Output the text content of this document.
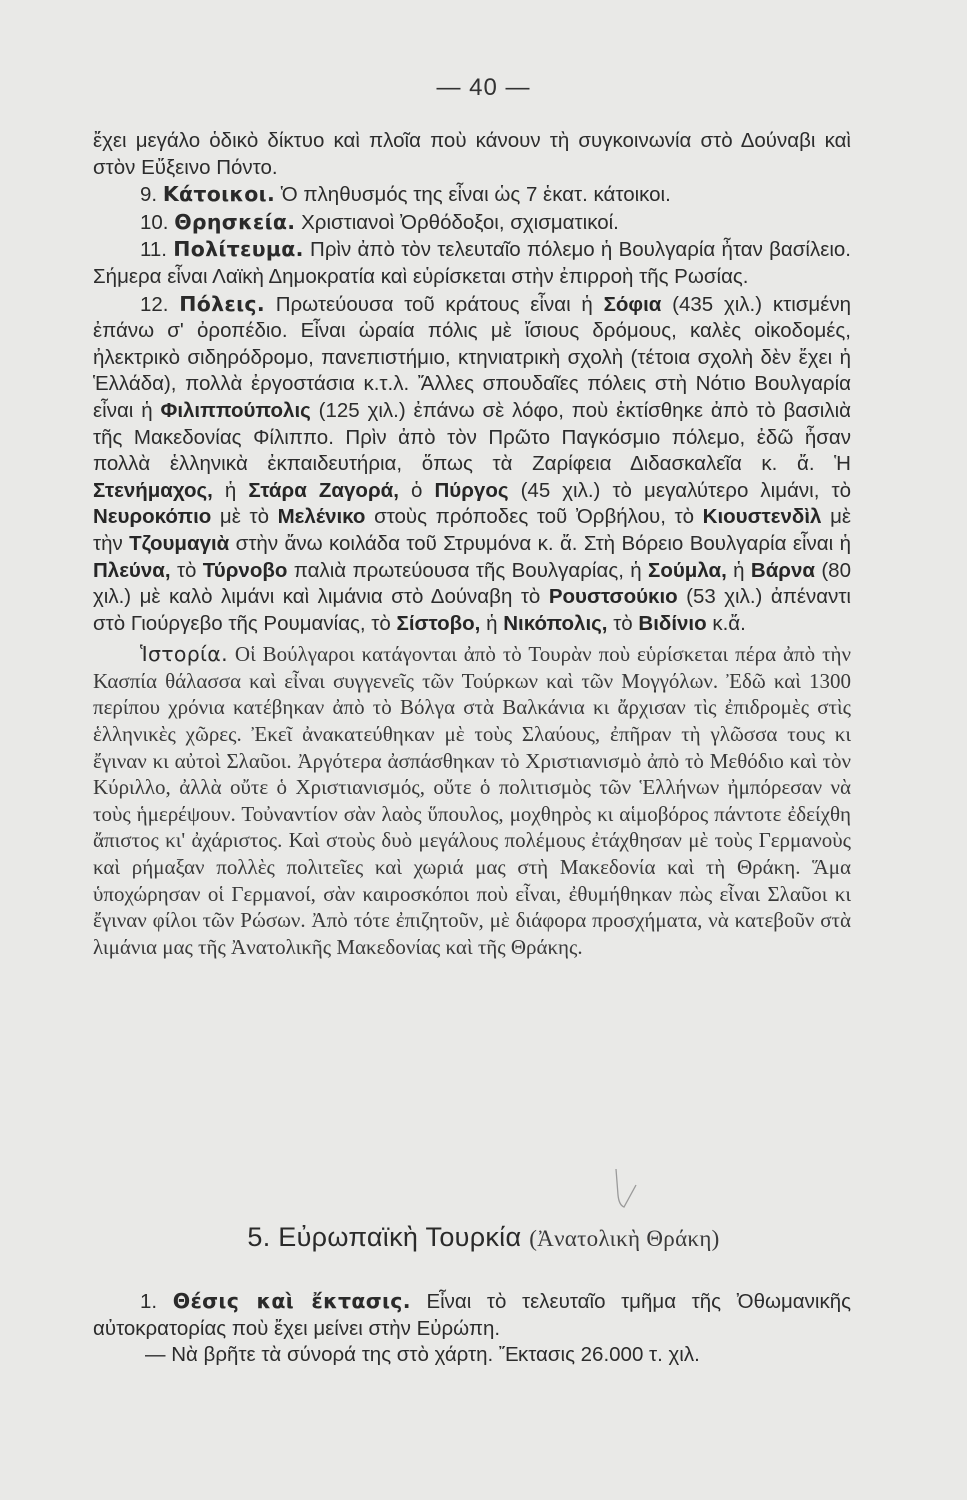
— 40 —

ἔχει μεγάλο ὁδικὸ δίκτυο καὶ πλοῖα ποὺ κάνουν τὴ συγκοινωνία στὸ Δούναβι καὶ στὸν Εὔξεινο Πόντο.

9. Κάτοικοι. Ὁ πληθυσμός της εἶναι ὡς 7 ἑκατ. κάτοικοι.

10. Θρησκεία. Χριστιανοὶ Ὀρθόδοξοι, σχισματικοί.

11. Πολίτευμα. Πρὶν ἀπὸ τὸν τελευταῖο πόλεμο ἡ Βουλγαρία ἦταν βασίλειο. Σήμερα εἶναι Λαϊκὴ Δημοκρατία καὶ εὑρίσκεται στὴν ἐπιρροὴ τῆς Ρωσίας.

12. Πόλεις. Πρωτεύουσα τοῦ κράτους εἶναι ἡ Σόφια (435 χιλ.) κτισμένη ἐπάνω σ' ὀροπέδιο. Εἶναι ὡραία πόλις μὲ ἴσιους δρόμους, καλὲς οἰκοδομές, ἠλεκτρικὸ σιδηρόδρομο, πανεπιστήμιο, κτηνιατρικὴ σχολὴ (τέτοια σχολὴ δὲν ἔχει ἡ Ἑλλάδα), πολλὰ ἐργοστάσια κ.τ.λ. Ἄλλες σπουδαῖες πόλεις στὴ Νότιο Βουλγαρία εἶναι ἡ Φιλιππούπολις (125 χιλ.) ἐπάνω σὲ λόφο, ποὺ ἐκτίσθηκε ἀπὸ τὸ βασιλιὰ τῆς Μακεδονίας Φίλιππο. Πρὶν ἀπὸ τὸν Πρῶτο Παγκόσμιο πόλεμο, ἐδῶ ἦσαν πολλὰ ἑλληνικὰ ἐκπαιδευτήρια, ὅπως τὰ Ζαρίφεια Διδασκαλεῖα κ. ἄ. Ἡ Στενήμαχος, ἡ Στάρα Ζαγορά, ὁ Πύργος (45 χιλ.) τὸ μεγαλύτερο λιμάνι, τὸ Νευροκόπιο μὲ τὸ Μελένικο στοὺς πρόποδες τοῦ Ὀρβήλου, τὸ Κιουστενδὶλ μὲ τὴν Τζουμαγιὰ στὴν ἄνω κοιλάδα τοῦ Στρυμόνα κ. ἄ. Στὴ Βόρειο Βουλγαρία εἶναι ἡ Πλεύνα, τὸ Τύρνοβο παλιὰ πρωτεύουσα τῆς Βουλγαρίας, ἡ Σούμλα, ἡ Βάρνα (80 χιλ.) μὲ καλὸ λιμάνι καὶ λιμάνια στὸ Δούναβη τὸ Ρουστσούκιο (53 χιλ.) ἀπέναντι στὸ Γιούργεβο τῆς Ρουμανίας, τὸ Σίστοβο, ἡ Νικόπολις, τὸ Βιδίνιο κ.ἄ.

Ἱστορία. Οἱ Βούλγαροι κατάγονται ἀπὸ τὸ Τουρὰν ποὺ εὑρίσκεται πέρα ἀπὸ τὴν Κασπία θάλασσα καὶ εἶναι συγγενεῖς τῶν Τούρκων καὶ τῶν Μογγόλων. Ἐδῶ καὶ 1300 περίπου χρόνια κατέβηκαν ἀπὸ τὸ Βόλγα στὰ Βαλκάνια κι ἄρχισαν τὶς ἐπιδρομὲς στὶς ἑλληνικὲς χῶρες. Ἐκεῖ ἀνακατεύθηκαν μὲ τοὺς Σλαύους, ἐπῆραν τὴ γλῶσσα τους κι ἔγιναν κι αὐτοὶ Σλαῦοι. Ἀργότερα ἀσπάσθηκαν τὸ Χριστιανισμὸ ἀπὸ τὸ Μεθόδιο καὶ τὸν Κύριλλο, ἀλλὰ οὔτε ὁ Χριστιανισμός, οὔτε ὁ πολιτισμὸς τῶν Ἑλλήνων ἠμπόρεσαν νὰ τοὺς ἡμερέψουν. Τοὐναντίον σὰν λαὸς ὕπουλος, μοχθηρὸς κι αἱμοβόρος πάντοτε ἐδείχθη ἄπιστος κι' ἀχάριστος. Καὶ στοὺς δυὸ μεγάλους πολέμους ἐτάχθησαν μὲ τοὺς Γερμανοὺς καὶ ρήμαξαν πολλὲς πολιτεῖες καὶ χωριά μας στὴ Μακεδονία καὶ τὴ Θράκη. Ἅμα ὑποχώρησαν οἱ Γερμανοί, σὰν καιροσκόποι ποὺ εἶναι, ἐθυμήθηκαν πὼς εἶναι Σλαῦοι κι ἔγιναν φίλοι τῶν Ρώσων. Ἀπὸ τότε ἐπιζητοῦν, μὲ διάφορα προσχήματα, νὰ κατεβοῦν στὰ λιμάνια μας τῆς Ἀνατολικῆς Μακεδονίας καὶ τῆς Θράκης.

5. Εὐρωπαϊκὴ Τουρκία (Ἀνατολικὴ Θράκη)

1. Θέσις καὶ ἔκτασις. Εἶναι τὸ τελευταῖο τμῆμα τῆς Ὀθωμανικῆς αὐτοκρατορίας ποὺ ἔχει μείνει στὴν Εὐρώπη.

— Νὰ βρῆτε τὰ σύνορά της στὸ χάρτη. Ἔκτασις 26.000 τ. χιλ.
